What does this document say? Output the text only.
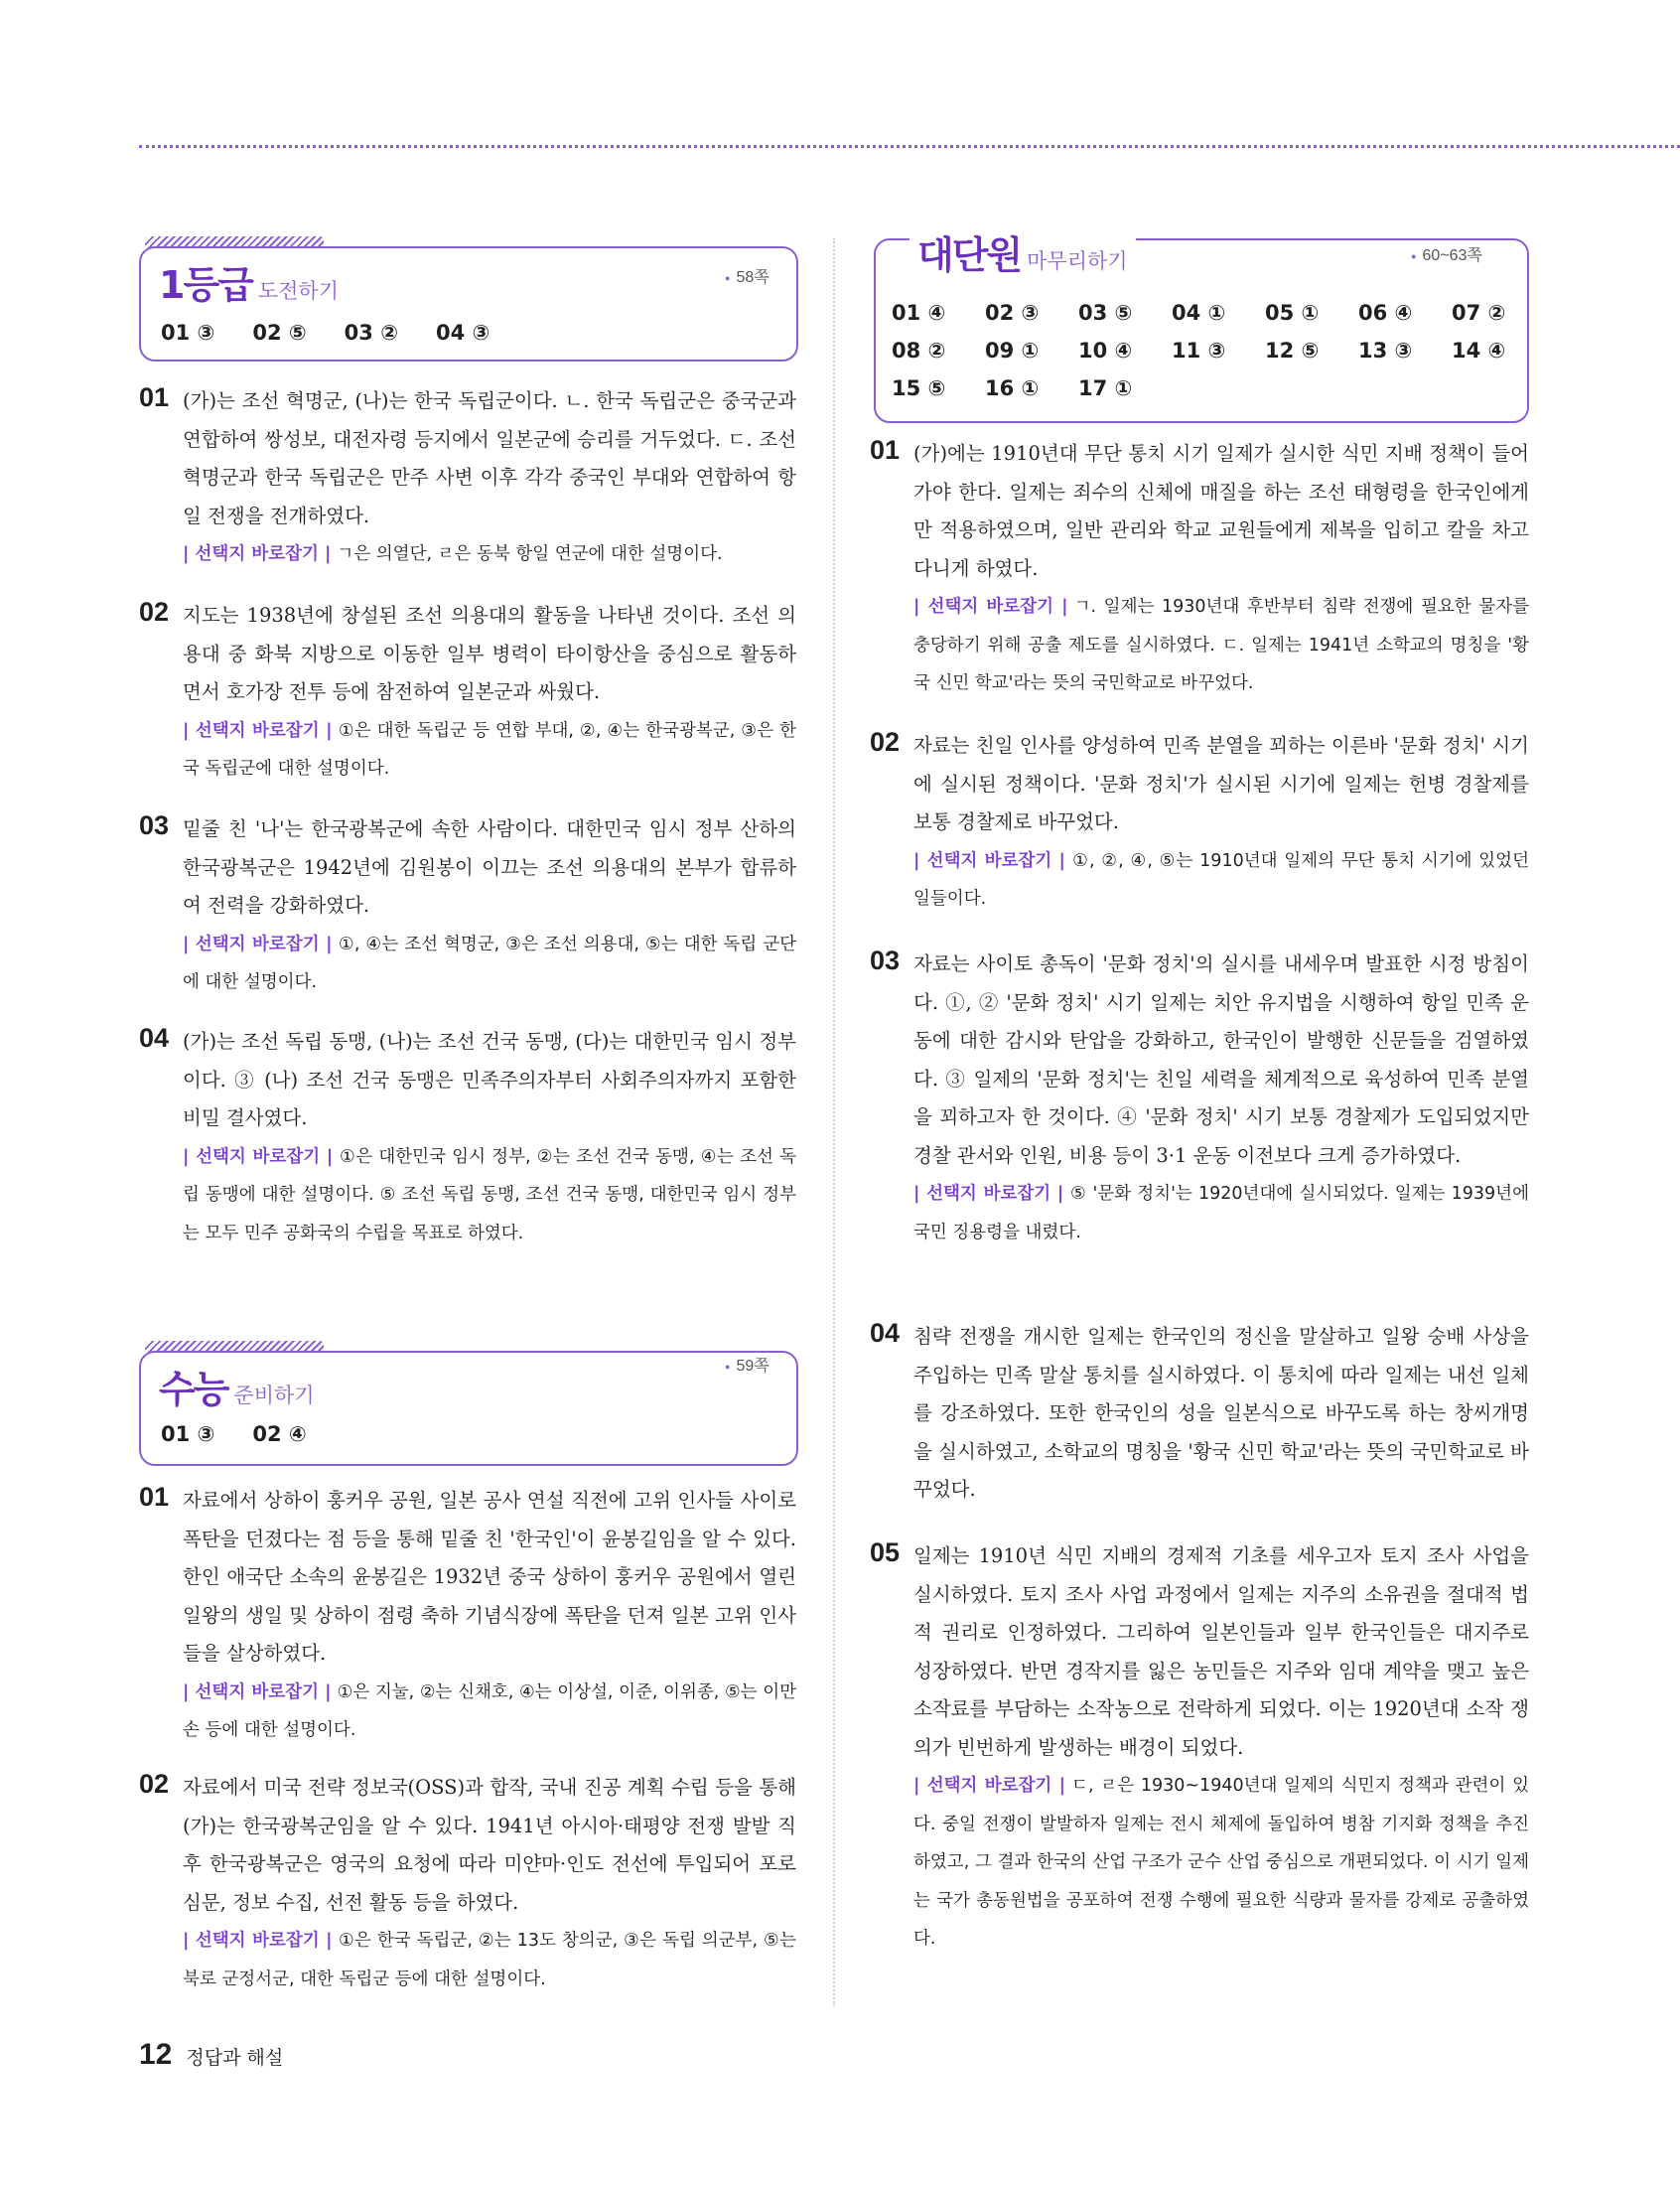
1등급 도전하기
● 58쪽
01 ③ 02 ⑤ 03 ② 04 ③
01 (가)는 조선 혁명군, (나)는 한국 독립군이다. ㄴ. 한국 독립군은 중국군과 연합하여 쌍성보, 대전자령 등지에서 일본군에 승리를 거두었다. ㄷ. 조선 혁명군과 한국 독립군은 만주 사변 이후 각각 중국인 부대와 연합하여 항일 전쟁을 전개하였다.
| 선택지 바로잡기 | ㄱ은 의열단, ㄹ은 동북 항일 연군에 대한 설명이다.
02 지도는 1938년에 창설된 조선 의용대의 활동을 나타낸 것이다. 조선 의용대 중 화북 지방으로 이동한 일부 병력이 타이항산을 중심으로 활동하면서 호가장 전투 등에 참전하여 일본군과 싸웠다.
| 선택지 바로잡기 | ①은 대한 독립군 등 연합 부대, ②, ④는 한국광복군, ③은 한국 독립군에 대한 설명이다.
03 밑줄 친 '나'는 한국광복군에 속한 사람이다. 대한민국 임시 정부 산하의 한국광복군은 1942년에 김원봉이 이끄는 조선 의용대의 본부가 합류하여 전력을 강화하였다.
| 선택지 바로잡기 | ①, ④는 조선 혁명군, ③은 조선 의용대, ⑤는 대한 독립 군단에 대한 설명이다.
04 (가)는 조선 독립 동맹, (나)는 조선 건국 동맹, (다)는 대한민국 임시 정부이다. ③ (나) 조선 건국 동맹은 민족주의자부터 사회주의자까지 포함한 비밀 결사였다.
| 선택지 바로잡기 | ①은 대한민국 임시 정부, ②는 조선 건국 동맹, ④는 조선 독립 동맹에 대한 설명이다. ⑤ 조선 독립 동맹, 조선 건국 동맹, 대한민국 임시 정부는 모두 민주 공화국의 수립을 목표로 하였다.
수능 준비하기
● 59쪽
01 ③ 02 ④
01 자료에서 상하이 훙커우 공원, 일본 공사 연설 직전에 고위 인사들 사이로 폭탄을 던졌다는 점 등을 통해 밑줄 친 '한국인'이 윤봉길임을 알 수 있다. 한인 애국단 소속의 윤봉길은 1932년 중국 상하이 훙커우 공원에서 열린 일왕의 생일 및 상하이 점령 축하 기념식장에 폭탄을 던져 일본 고위 인사들을 살상하였다.
| 선택지 바로잡기 | ①은 지눌, ②는 신채호, ④는 이상설, 이준, 이위종, ⑤는 이만손 등에 대한 설명이다.
02 자료에서 미국 전략 정보국(OSS)과 합작, 국내 진공 계획 수립 등을 통해 (가)는 한국광복군임을 알 수 있다. 1941년 아시아·태평양 전쟁 발발 직후 한국광복군은 영국의 요청에 따라 미얀마·인도 전선에 투입되어 포로 심문, 정보 수집, 선전 활동 등을 하였다.
| 선택지 바로잡기 | ①은 한국 독립군, ②는 13도 창의군, ③은 독립 의군부, ⑤는 북로 군정서군, 대한 독립군 등에 대한 설명이다.
대단원 마무리하기
●	60~63쪽
01 ④	02 ③	03 ⑤	04 ①	05 ①	06 ④	07 ②
08 ②	09 ①	10 ④	11 ③	12 ⑤	13 ③	14 ④
15 ⑤	16 ①	17 ①
01 (가)에는 1910년대 무단 통치 시기 일제가 실시한 식민 지배 정책이 들어가야 한다. 일제는 죄수의 신체에 매질을 하는 조선 태형령을 한국인에게만 적용하였으며, 일반 관리와 학교 교원들에게 제복을 입히고 칼을 차고 다니게 하였다.
| 선택지 바로잡기 | ㄱ. 일제는 1930년대 후반부터 침략 전쟁에 필요한 물자를 충당하기 위해 공출 제도를 실시하였다. ㄷ. 일제는 1941년 소학교의 명칭을 '황국 신민 학교'라는 뜻의 국민학교로 바꾸었다.
02 자료는 친일 인사를 양성하여 민족 분열을 꾀하는 이른바 '문화 정치' 시기에 실시된 정책이다. '문화 정치'가 실시된 시기에 일제는 헌병 경찰제를 보통 경찰제로 바꾸었다.
| 선택지 바로잡기 | ①, ②, ④, ⑤는 1910년대 일제의 무단 통치 시기에 있었던 일들이다.
03 자료는 사이토 총독이 '문화 정치'의 실시를 내세우며 발표한 시정 방침이다. ①, ② '문화 정치' 시기 일제는 치안 유지법을 시행하여 항일 민족 운동에 대한 감시와 탄압을 강화하고, 한국인이 발행한 신문들을 검열하였다. ③ 일제의 '문화 정치'는 친일 세력을 체계적으로 육성하여 민족 분열을 꾀하고자 한 것이다. ④ '문화 정치' 시기 보통 경찰제가 도입되었지만 경찰 관서와 인원, 비용 등이 3·1 운동 이전보다 크게 증가하였다.
| 선택지 바로잡기 | ⑤ '문화 정치'는 1920년대에 실시되었다. 일제는 1939년에 국민 징용령을 내렸다.
04 침략 전쟁을 개시한 일제는 한국인의 정신을 말살하고 일왕 숭배 사상을 주입하는 민족 말살 통치를 실시하였다. 이 통치에 따라 일제는 내선 일체를 강조하였다. 또한 한국인의 성을 일본식으로 바꾸도록 하는 창씨개명을 실시하였고, 소학교의 명칭을 '황국 신민 학교'라는 뜻의 국민학교로 바꾸었다.
05 일제는 1910년 식민 지배의 경제적 기초를 세우고자 토지 조사 사업을 실시하였다. 토지 조사 사업 과정에서 일제는 지주의 소유권을 절대적 법적 권리로 인정하였다. 그리하여 일본인들과 일부 한국인들은 대지주로 성장하였다. 반면 경작지를 잃은 농민들은 지주와 임대 계약을 맺고 높은 소작료를 부담하는 소작농으로 전락하게 되었다. 이는 1920년대 소작 쟁의가 빈번하게 발생하는 배경이 되었다.
| 선택지 바로잡기 | ㄷ, ㄹ은 1930~1940년대 일제의 식민지 정책과 관련이 있다. 중일 전쟁이 발발하자 일제는 전시 체제에 돌입하여 병참 기지화 정책을 추진하였고, 그 결과 한국의 산업 구조가 군수 산업 중심으로 개편되었다. 이 시기 일제는 국가 총동원법을 공포하여 전쟁 수행에 필요한 식량과 물자를 강제로 공출하였다.
12 정답과 해설
